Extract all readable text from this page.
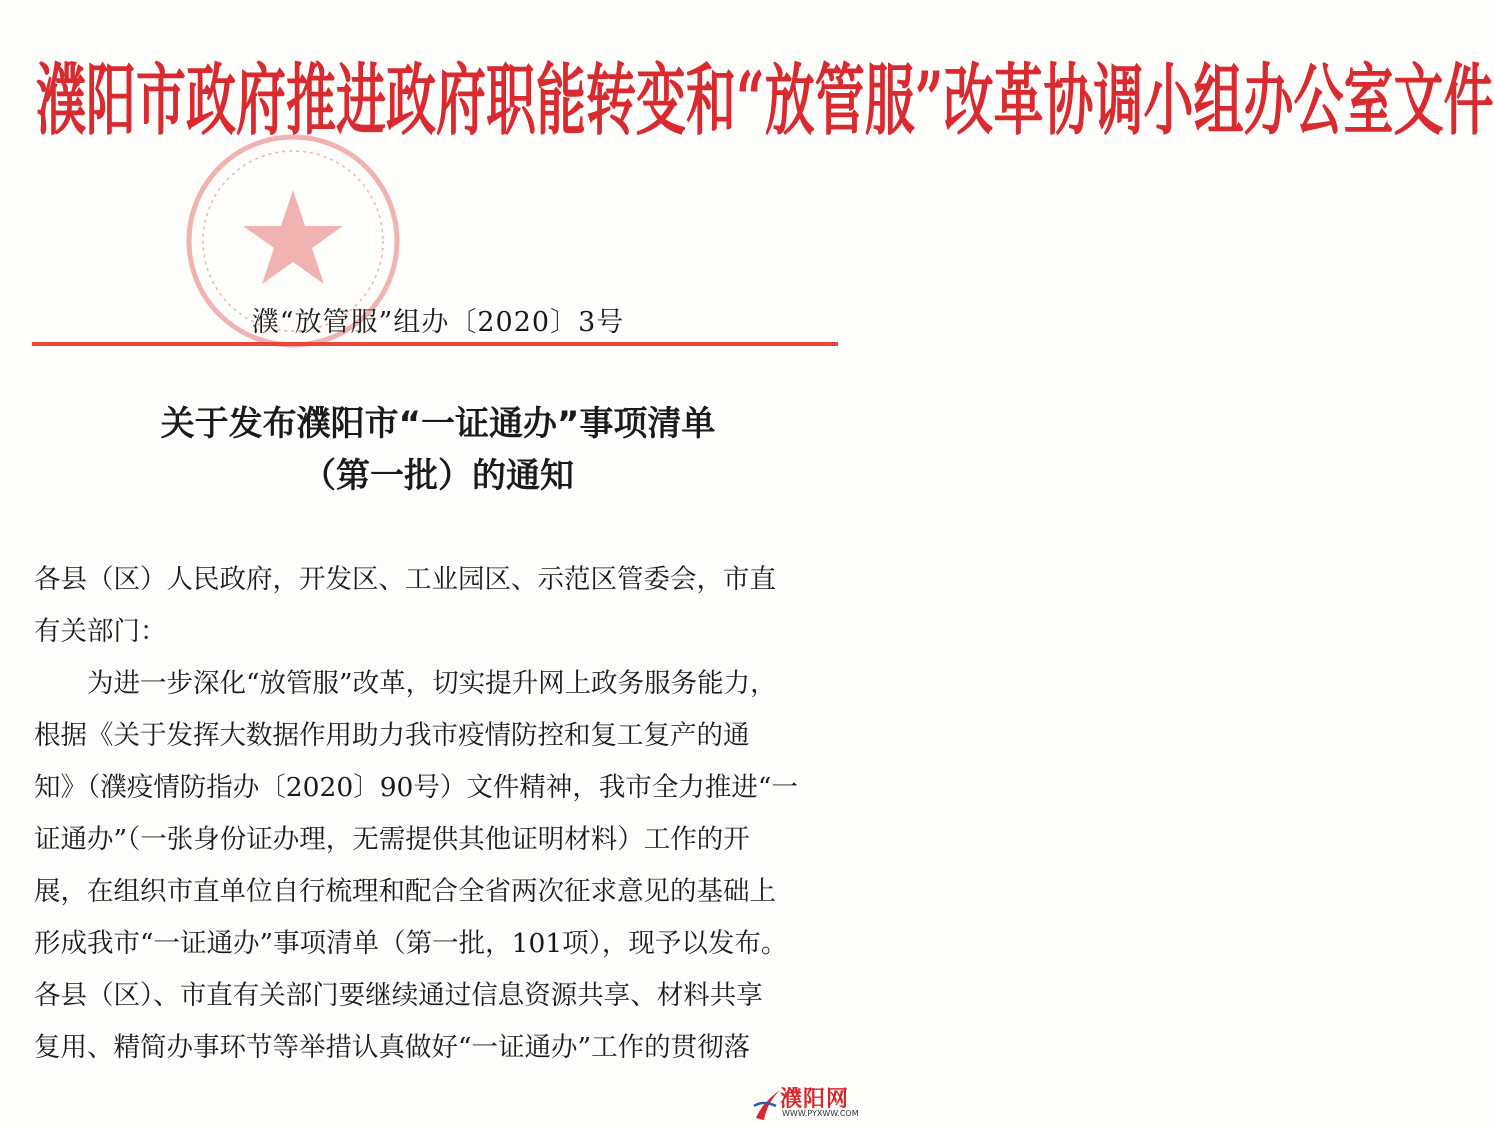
濮阳市政府推进政府职能转变和“放管服”改革协调小组办公室文件
濮“放管服”组办〔2020〕3号
关于发布濮阳市“一证通办”事项清单
（第一批）的通知

各县（区）人民政府，开发区、工业园区、示范区管委会，市直

有关部门：

　　为进一步深化“放管服”改革，切实提升网上政务服务能力，

根据《关于发挥大数据作用助力我市疫情防控和复工复产的通

知》（濮疫情防指办〔2020〕90号）文件精神，我市全力推进“一

证通办”（一张身份证办理，无需提供其他证明材料）工作的开

展，在组织市直单位自行梳理和配合全省两次征求意见的基础上

形成我市“一证通办”事项清单（第一批，101项），现予以发布。

各县（区）、市直有关部门要继续通过信息资源共享、材料共享

复用、精简办事环节等举措认真做好“一证通办”工作的贯彻落

濮阳网
WWW.PYXWW.COM
